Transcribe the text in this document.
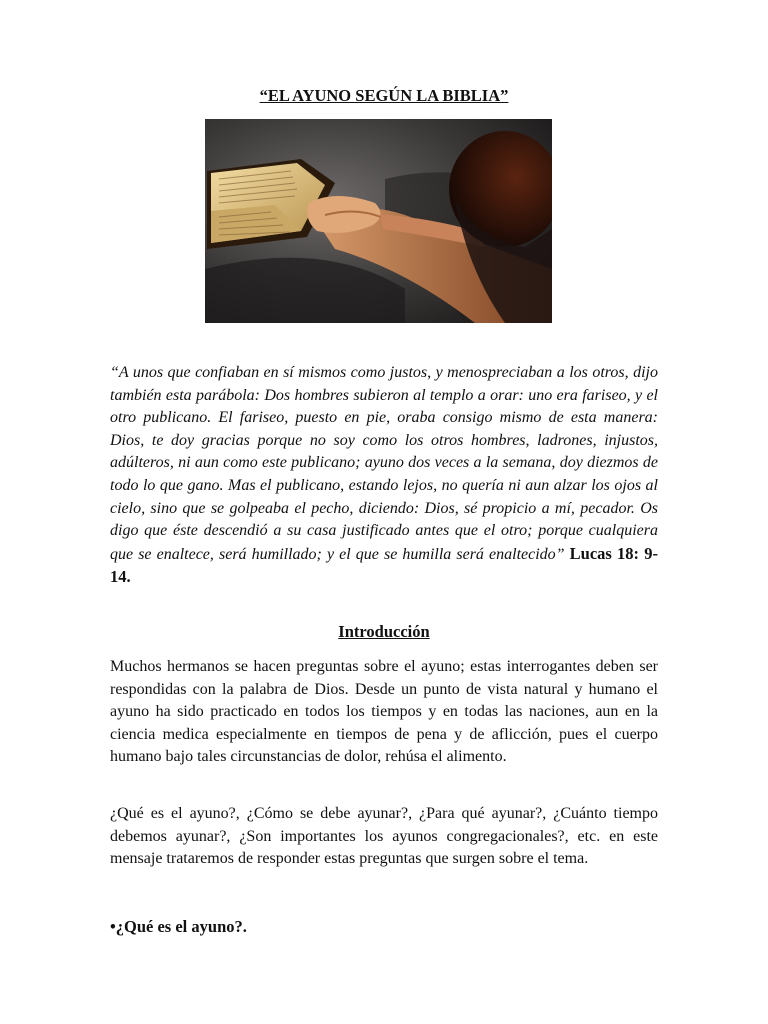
“EL AYUNO SEGÚN LA BIBLIA”
“A unos que confiaban en sí mismos como justos, y menospreciaban a los otros, dijo también esta parábola: Dos hombres subieron al templo a orar: uno era fariseo, y el otro publicano. El fariseo, puesto en pie, oraba consigo mismo de esta manera: Dios, te doy gracias porque no soy como los otros hombres, ladrones, injustos, adúlteros, ni aun como este publicano; ayuno dos veces a la semana, doy diezmos de todo lo que gano. Mas el publicano, estando lejos, no quería ni aun alzar los ojos al cielo, sino que se golpeaba el pecho, diciendo: Dios, sé propicio a mí, pecador. Os digo que éste descendió a su casa justificado antes que el otro; porque cualquiera que se enaltece, será humillado; y el que se humilla será enaltecido” Lucas 18: 9-14.
Introducción

Muchos hermanos se hacen preguntas sobre el ayuno; estas interrogantes deben ser respondidas con la palabra de Dios. Desde un punto de vista natural y humano el ayuno ha sido practicado en todos los tiempos y en todas las naciones, aun en la ciencia medica especialmente en tiempos de pena y de aflicción, pues el cuerpo humano bajo tales circunstancias de dolor, rehúsa el alimento.

¿Qué es el ayuno?, ¿Cómo se debe ayunar?, ¿Para qué ayunar?, ¿Cuánto tiempo debemos ayunar?, ¿Son importantes los ayunos congregacionales?, etc. en este mensaje trataremos de responder estas preguntas que surgen sobre el tema.

•¿Qué es el ayuno?.
